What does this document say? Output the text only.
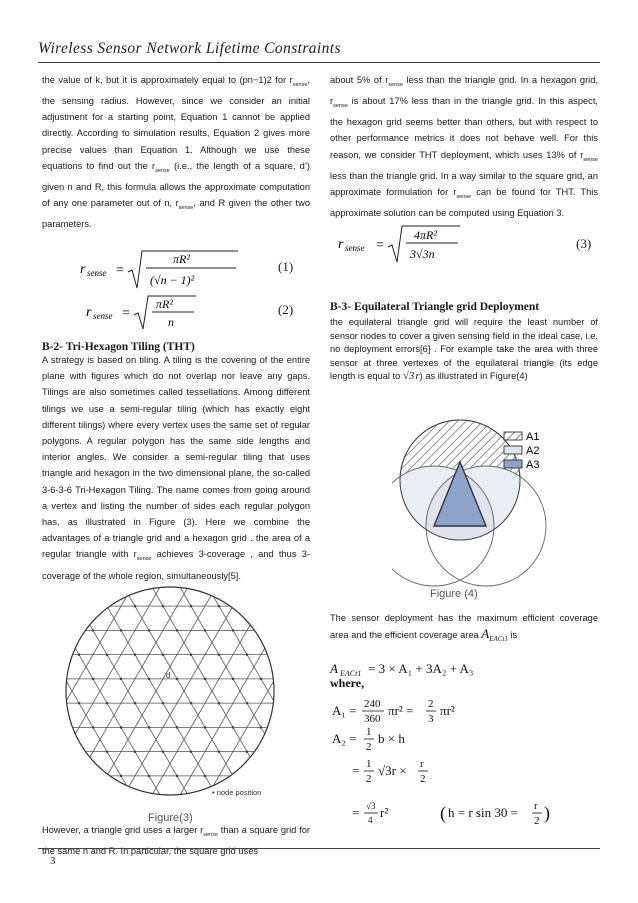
Wireless Sensor Network Lifetime Constraints

the value of k, but it is approximately equal to (pn−1)2 for $r_{sense}$, the sensing radius. However, since we consider an initial adjustment for a starting point, Equation 1 cannot be applied directly. According to simulation results, Equation 2 gives more precise values than Equation 1. Although we use these equations to find out the $r_{sense}$ (i.e., the length of a square, d’) given n and R, this formula allows the approximate computation of any one parameter out of n, $r_{sense}$, and R given the other two parameters.

r sense =
πR²
(√n − 1)²
(1)
r sense =
πR²
n
(2)
B-2- Tri-Hexagon Tiling (THT)

A strategy is based on tiling. A tiling is the covering of the entire plane with figures which do not overlap nor leave any gaps. Tilings are also sometimes called tessellations. Among different tilings we use a semi-regular tiling (which has exactly eight different tilings) where every vertex uses the same set of regular polygons. A regular polygon has the same side lengths and interior angles. We consider a semi-regular tiling that uses triangle and hexagon in the two dimensional plane, the so-called 3-6-3-6 Tri-Hexagon Tiling. The name comes from going around a vertex and listing the number of sides each regular polygon has, as illustrated in Figure (3). Here we combine the advantages of a triangle grid and a hexagon grid . the area of a regular triangle with $r_{sense}$ achieves 3-coverage , and thus 3-coverage of the whole region, simultaneously[5].

d
• node position
Figure(3)

However, a triangle grid uses a larger $r_{sense}$ than a square grid for the same n and R. In particular, the square grid uses

about 5% of $r_{sense}$ less than the triangle grid. In a hexagon grid, $r_{sense}$ is about 17% less than in the triangle grid. In this aspect, the hexagon grid seems better than others, but with respect to other performance metrics it does not behave well. For this reason, we consider THT deployment, which uses 13% of $r_{sense}$ less than the triangle grid. In a way similar to the square grid, an approximate formulation for $r_{sense}$ can be found for THT. This approximate solution can be computed using Equation 3.

r sense =
4πR²
3√3n
(3)
B-3- Equilateral Triangle grid Deployment

the equilateral triangle grid will require the least number of sensor nodes to cover a given sensing field in the ideal case, i.e. no deployment errors[6] . For example take the area with three sensor at three vertexes of the equilateral triangle (its edge length is equal to √3 r) as illustrated in Figure(4)

A1
A2
A3
Figure (4)

The sensor deployment has the maximum efficient coverage area and the efficient coverage area $A_{EACt1}$ is

A EACt1 = 3 × A₁ + 3A₂ + A₃
where,
A₁ = 240
360
πr² = 2
3
πr²
A₂ = 1
2
b × h
= 1
2
√3r × r
2
= √3
4 r²	( h = r sin 30 = r
2 )
3
